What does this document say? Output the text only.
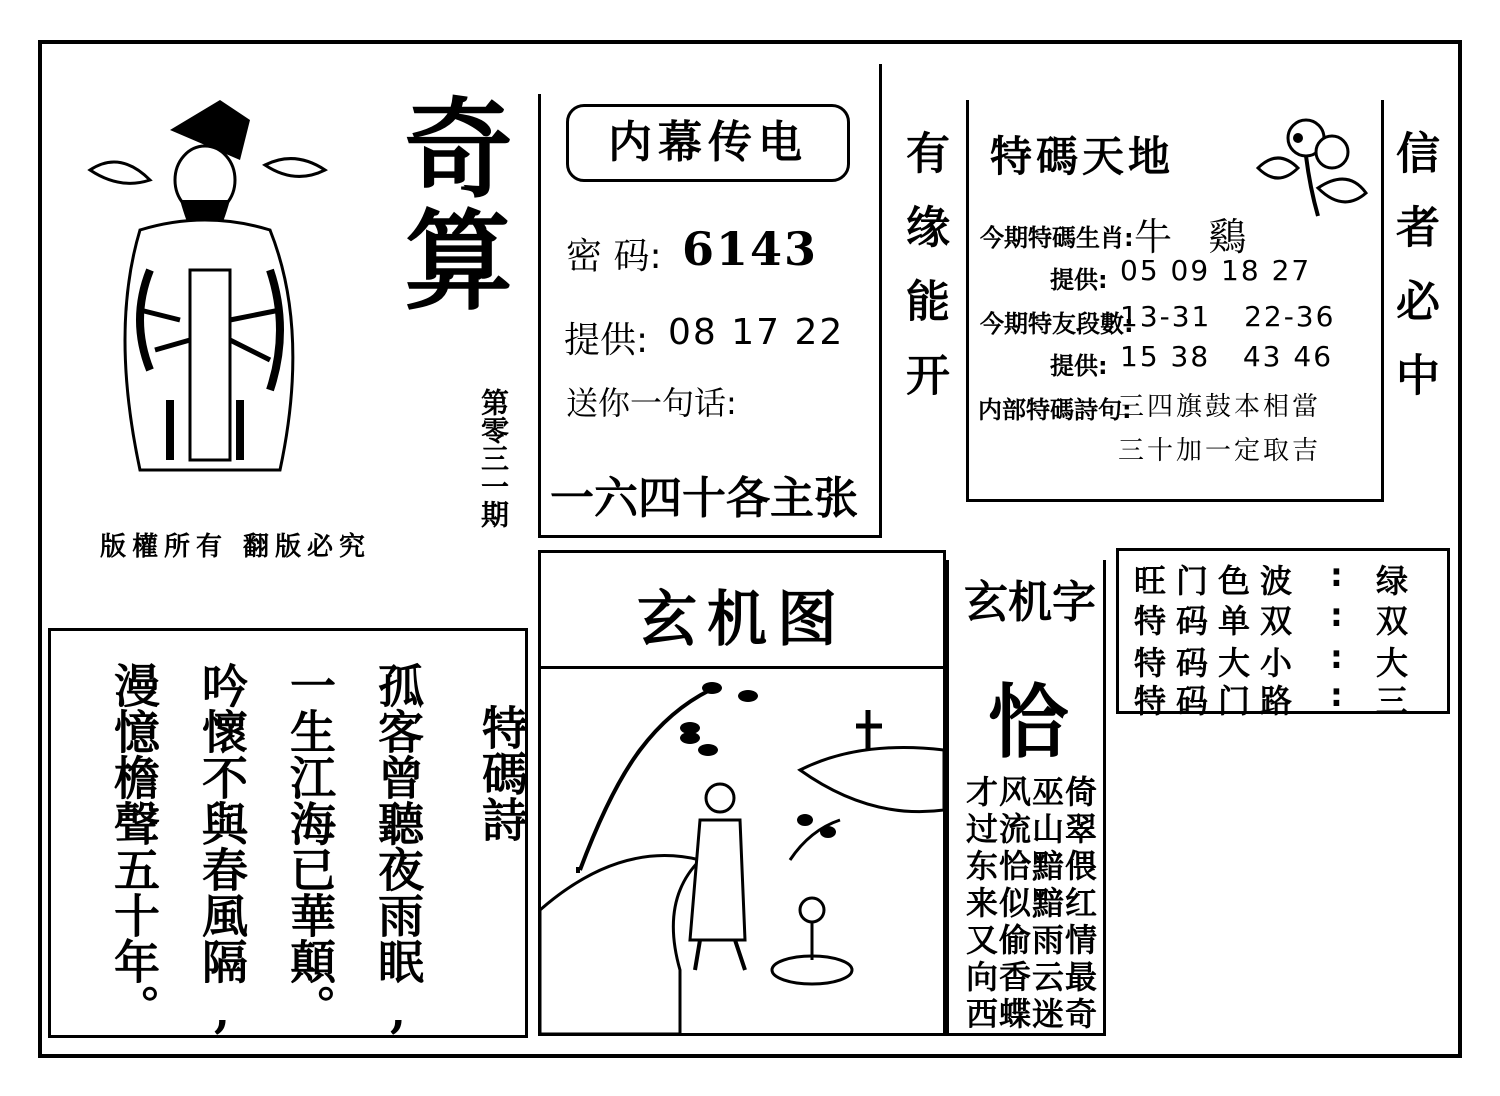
版權所有 翻版必究
奇算
第零三一期
内幕传电
密 码: 6143
提供: 08 17 22
送你一句话:
一六四十各主张
有缘能开	信者必中
特碼天地
今期特碼生肖: 牛   鷄
提供: 05 09 18 27
今期特友段數:
13-31   22-36
提供: 15 38   43 46
内部特碼詩句:
三四旗鼓本相當
三十加一定取吉
玄机图	玄机字
恰
才风巫倚
过流山翠
东恰黯偎
来似黯红
又偷雨情
向香云最
西蝶迷奇
旺门色波 : 绿
特码单双 : 双
特码大小 : 大
特码门路 : 三
特碼詩
孤客曾聽夜雨眠,
一生江海已華顛。
吟懷不與春風隔,
漫憶檐聲五十年。
